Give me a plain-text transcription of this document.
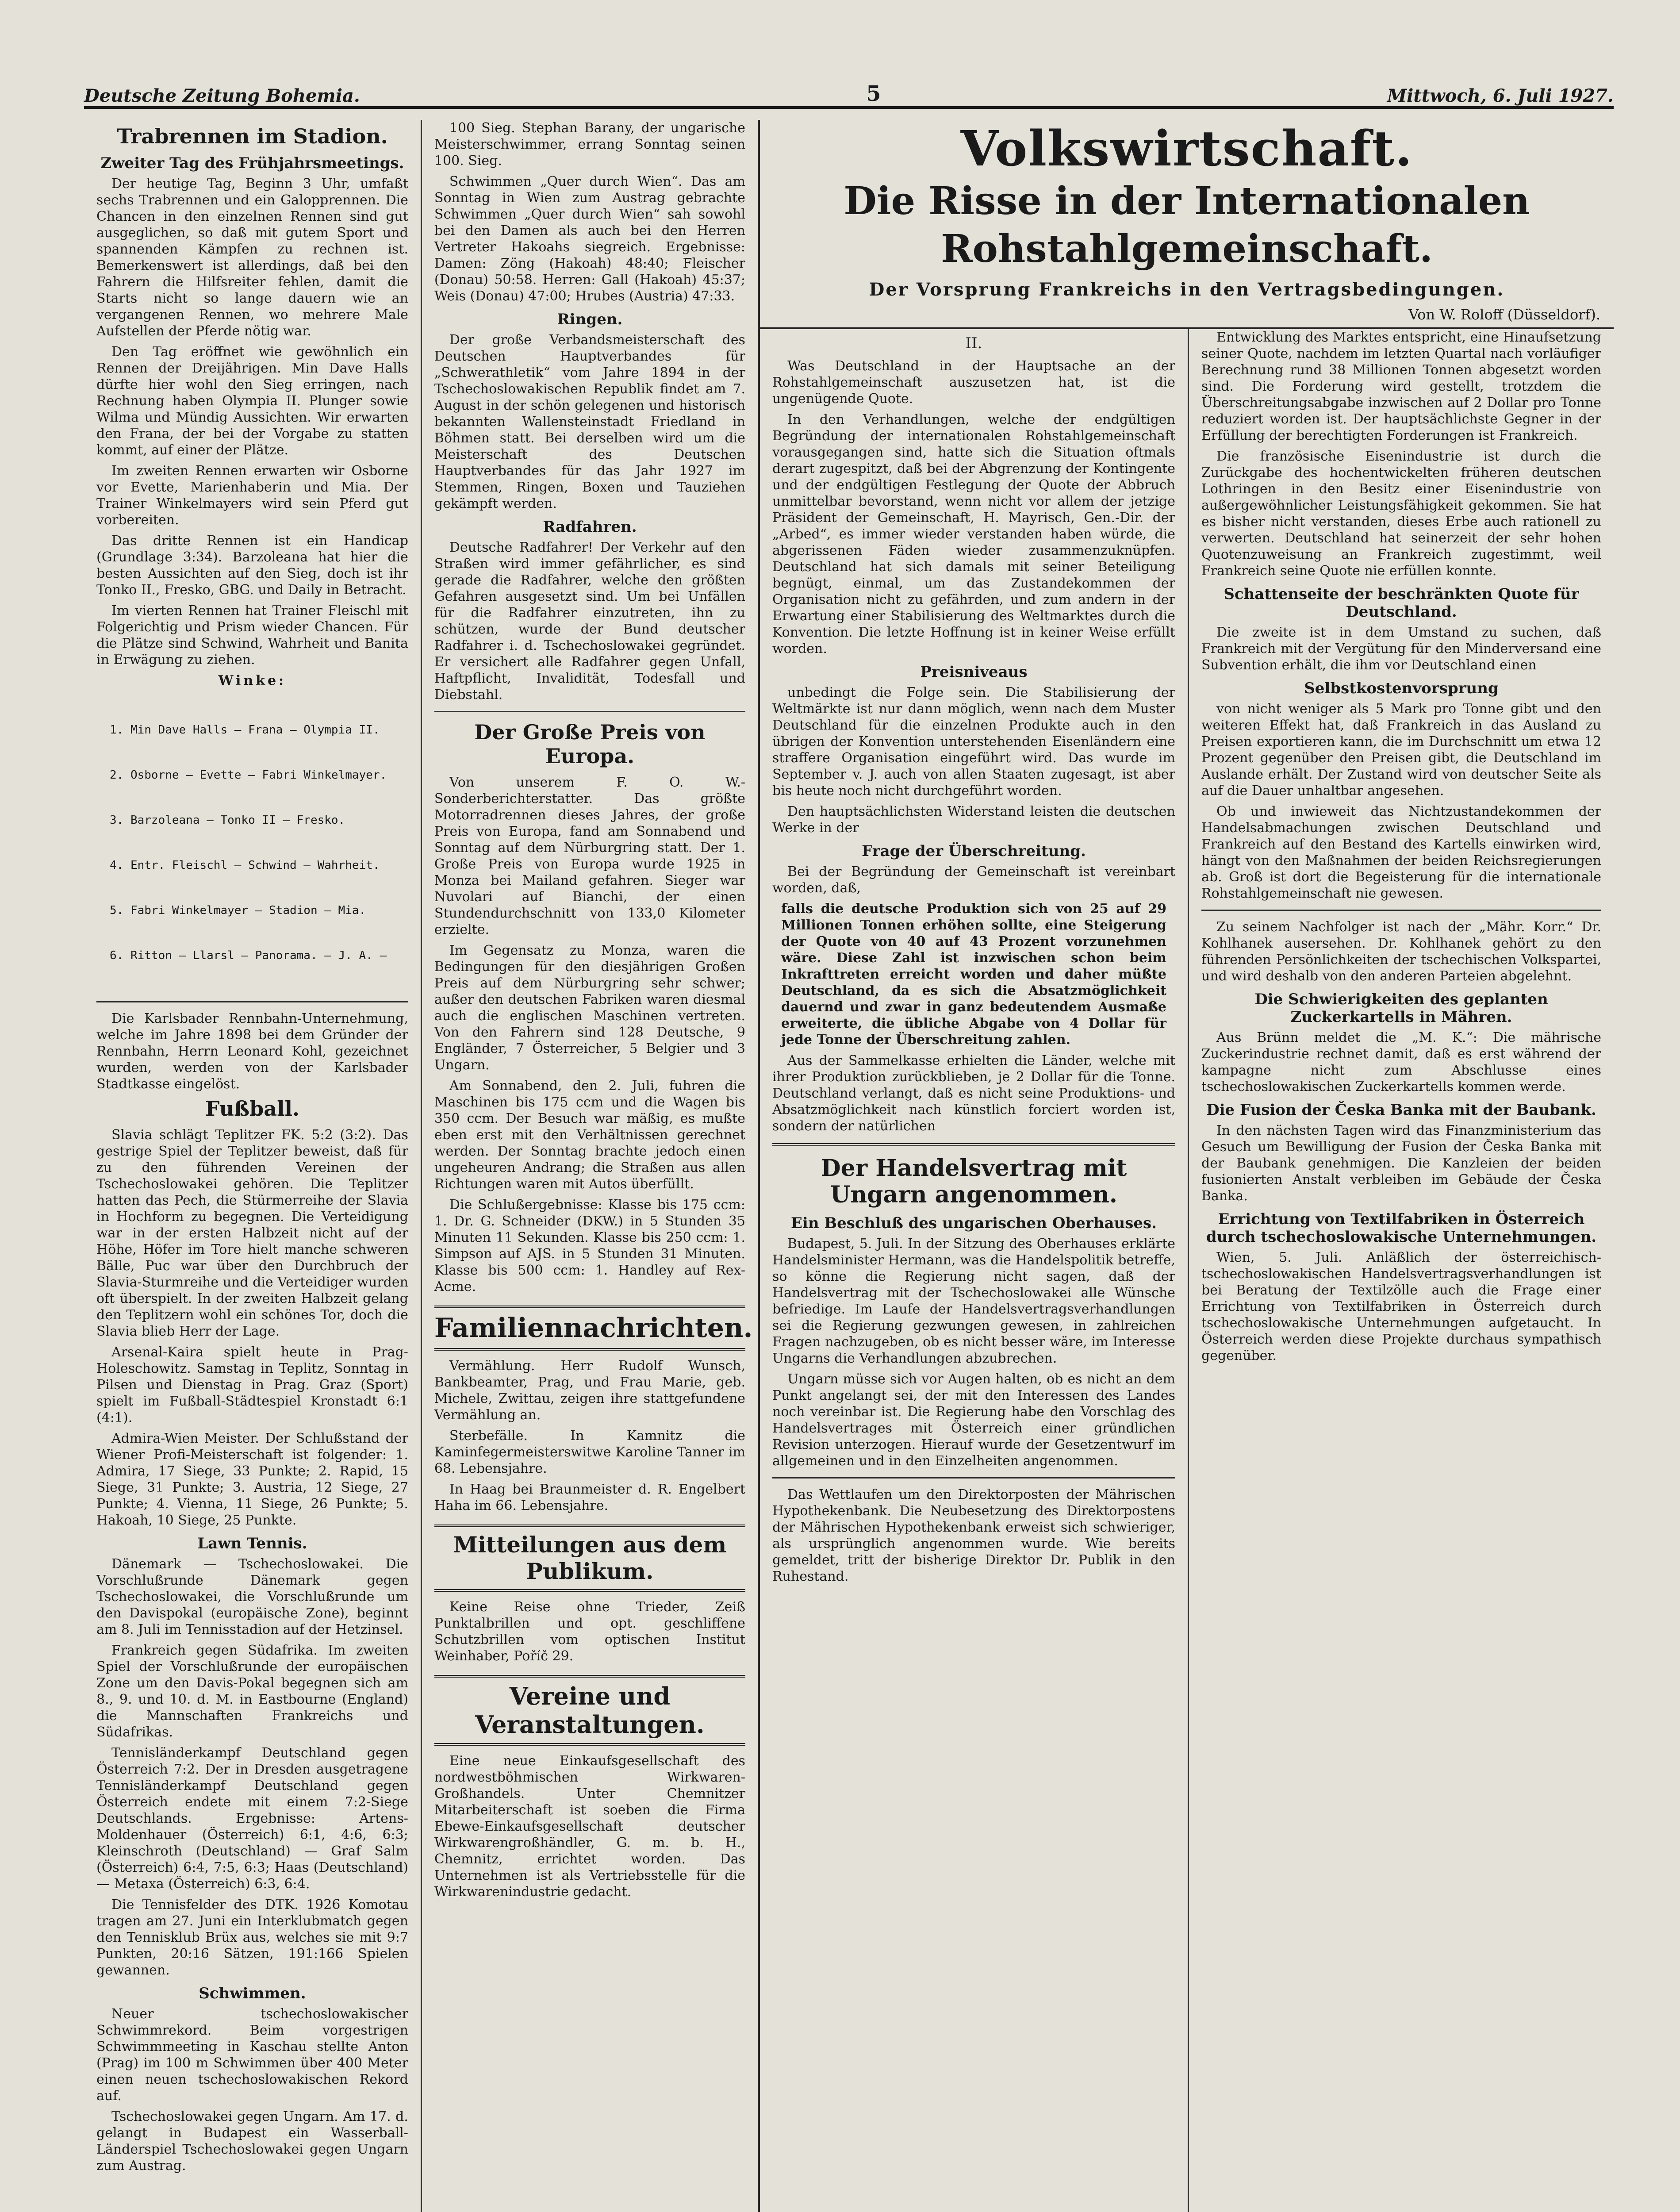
Deutsche Zeitung Bohemia.	5	Mittwoch, 6. Juli 1927.
Trabrennen im Stadion.
Zweiter Tag des Frühjahrsmeetings.

Der heutige Tag, Beginn 3 Uhr, umfaßt sechs Trabrennen und ein Galopprennen. Die Chancen in den einzelnen Rennen sind gut ausgeglichen, so daß mit gutem Sport und spannenden Kämpfen zu rechnen ist. Bemerkenswert ist allerdings, daß bei den Fahrern die Hilfsreiter fehlen, damit die Starts nicht so lange dauern wie an vergangenen Rennen, wo mehrere Male Aufstellen der Pferde nötig war.

Den Tag eröffnet wie gewöhnlich ein Rennen der Dreijährigen. Min Dave Halls dürfte hier wohl den Sieg erringen, nach Rechnung haben Olympia II. Plunger sowie Wilma und Mündig Aussichten. Wir erwarten den Frana, der bei der Vorgabe zu statten kommt, auf einer der Plätze.

Im zweiten Rennen erwarten wir Osborne vor Evette, Marienhaberin und Mia. Der Trainer Winkelmayers wird sein Pferd gut vorbereiten.

Das dritte Rennen ist ein Handicap (Grundlage 3:34). Barzoleana hat hier die besten Aussichten auf den Sieg, doch ist ihr Tonko II., Fresko, GBG. und Daily in Betracht.

Im vierten Rennen hat Trainer Fleischl mit Folgerichtig und Prism wieder Chancen. Für die Plätze sind Schwind, Wahrheit und Banita in Erwägung zu ziehen.

Winke:

1. Min Dave Halls — Frana — Olympia II.

2. Osborne — Evette — Fabri Winkelmayer.

3. Barzoleana — Tonko II — Fresko.

4. Entr. Fleischl — Schwind — Wahrheit.

5. Fabri Winkelmayer — Stadion — Mia.

6. Ritton — Llarsl — Panorama. — J. A. —

Die Karlsbader Rennbahn-Unternehmung, welche im Jahre 1898 bei dem Gründer der Rennbahn, Herrn Leonard Kohl, gezeichnet wurden, werden von der Karlsbader Stadtkasse eingelöst.

Fußball.

Slavia schlägt Teplitzer FK. 5:2 (3:2). Das gestrige Spiel der Teplitzer beweist, daß für zu den führenden Vereinen der Tschechoslowakei gehören. Die Teplitzer hatten das Pech, die Stürmerreihe der Slavia in Hochform zu begegnen. Die Verteidigung war in der ersten Halbzeit nicht auf der Höhe, Höfer im Tore hielt manche schweren Bälle, Puc war über den Durchbruch der Slavia-Sturmreihe und die Verteidiger wurden oft überspielt. In der zweiten Halbzeit gelang den Teplitzern wohl ein schönes Tor, doch die Slavia blieb Herr der Lage.

Arsenal-Kaira spielt heute in Prag-Holeschowitz. Samstag in Teplitz, Sonntag in Pilsen und Dienstag in Prag. Graz (Sport) spielt im Fußball-Städtespiel Kronstadt 6:1 (4:1).

Admira-Wien Meister. Der Schlußstand der Wiener Profi-Meisterschaft ist folgender: 1. Admira, 17 Siege, 33 Punkte; 2. Rapid, 15 Siege, 31 Punkte; 3. Austria, 12 Siege, 27 Punkte; 4. Vienna, 11 Siege, 26 Punkte; 5. Hakoah, 10 Siege, 25 Punkte.

Lawn Tennis.

Dänemark — Tschechoslowakei. Die Vorschlußrunde Dänemark gegen Tschechoslowakei, die Vorschlußrunde um den Davispokal (europäische Zone), beginnt am 8. Juli im Tennisstadion auf der Hetzinsel.

Frankreich gegen Südafrika. Im zweiten Spiel der Vorschlußrunde der europäischen Zone um den Davis-Pokal begegnen sich am 8., 9. und 10. d. M. in Eastbourne (England) die Mannschaften Frankreichs und Südafrikas.

Tennisländerkampf Deutschland gegen Österreich 7:2. Der in Dresden ausgetragene Tennisländerkampf Deutschland gegen Österreich endete mit einem 7:2-Siege Deutschlands. Ergebnisse: Artens-Moldenhauer (Österreich) 6:1, 4:6, 6:3; Kleinschroth (Deutschland) — Graf Salm (Österreich) 6:4, 7:5, 6:3; Haas (Deutschland) — Metaxa (Österreich) 6:3, 6:4.

Die Tennisfelder des DTK. 1926 Komotau tragen am 27. Juni ein Interklubmatch gegen den Tennisklub Brüx aus, welches sie mit 9:7 Punkten, 20:16 Sätzen, 191:166 Spielen gewannen.

Schwimmen.

Neuer tschechoslowakischer Schwimmrekord. Beim vorgestrigen Schwimmmeeting in Kaschau stellte Anton (Prag) im 100 m Schwimmen über 400 Meter einen neuen tschechoslowakischen Rekord auf.

Tschechoslowakei gegen Ungarn. Am 17. d. gelangt in Budapest ein Wasserball-Länderspiel Tschechoslowakei gegen Ungarn zum Austrag.

100 Sieg. Stephan Barany, der ungarische Meisterschwimmer, errang Sonntag seinen 100. Sieg.

Schwimmen „Quer durch Wien“. Das am Sonntag in Wien zum Austrag gebrachte Schwimmen „Quer durch Wien“ sah sowohl bei den Damen als auch bei den Herren Vertreter Hakoahs siegreich. Ergebnisse: Damen: Zöng (Hakoah) 48:40; Fleischer (Donau) 50:58. Herren: Gall (Hakoah) 45:37; Weis (Donau) 47:00; Hrubes (Austria) 47:33.

Ringen.

Der große Verbandsmeisterschaft des Deutschen Hauptverbandes für „Schwerathletik“ vom Jahre 1894 in der Tschechoslowakischen Republik findet am 7. August in der schön gelegenen und historisch bekannten Wallensteinstadt Friedland in Böhmen statt. Bei derselben wird um die Meisterschaft des Deutschen Hauptverbandes für das Jahr 1927 im Stemmen, Ringen, Boxen und Tauziehen gekämpft werden.

Radfahren.

Deutsche Radfahrer! Der Verkehr auf den Straßen wird immer gefährlicher, es sind gerade die Radfahrer, welche den größten Gefahren ausgesetzt sind. Um bei Unfällen für die Radfahrer einzutreten, ihn zu schützen, wurde der Bund deutscher Radfahrer i. d. Tschechoslowakei gegründet. Er versichert alle Radfahrer gegen Unfall, Haftpflicht, Invalidität, Todesfall und Diebstahl.

Der Große Preis von Europa.

Von unserem F. O. W.-Sonderberichterstatter. Das größte Motorradrennen dieses Jahres, der große Preis von Europa, fand am Sonnabend und Sonntag auf dem Nürburgring statt. Der 1. Große Preis von Europa wurde 1925 in Monza bei Mailand gefahren. Sieger war Nuvolari auf Bianchi, der einen Stundendurchschnitt von 133,0 Kilometer erzielte.

Im Gegensatz zu Monza, waren die Bedingungen für den diesjährigen Großen Preis auf dem Nürburgring sehr schwer; außer den deutschen Fabriken waren diesmal auch die englischen Maschinen vertreten. Von den Fahrern sind 128 Deutsche, 9 Engländer, 7 Österreicher, 5 Belgier und 3 Ungarn.

Am Sonnabend, den 2. Juli, fuhren die Maschinen bis 175 ccm und die Wagen bis 350 ccm. Der Besuch war mäßig, es mußte eben erst mit den Verhältnissen gerechnet werden. Der Sonntag brachte jedoch einen ungeheuren Andrang; die Straßen aus allen Richtungen waren mit Autos überfüllt.

Die Schlußergebnisse: Klasse bis 175 ccm: 1. Dr. G. Schneider (DKW.) in 5 Stunden 35 Minuten 11 Sekunden. Klasse bis 250 ccm: 1. Simpson auf AJS. in 5 Stunden 31 Minuten. Klasse bis 500 ccm: 1. Handley auf Rex-Acme.

Familiennachrichten.

Vermählung. Herr Rudolf Wunsch, Bankbeamter, Prag, und Frau Marie, geb. Michele, Zwittau, zeigen ihre stattgefundene Vermählung an.

Sterbefälle. In Kamnitz die Kaminfegermeisterswitwe Karoline Tanner im 68. Lebensjahre.

In Haag bei Braunmeister d. R. Engelbert Haha im 66. Lebensjahre.

Mitteilungen aus dem Publikum.

Keine Reise ohne Trieder, Zeiß Punktalbrillen und opt. geschliffene Schutzbrillen vom optischen Institut Weinhaber, Poříč 29.

Vereine und Veranstaltungen.

Eine neue Einkaufsgesellschaft des nordwestböhmischen Wirkwaren-Großhandels. Unter Chemnitzer Mitarbeiterschaft ist soeben die Firma Ebewe-Einkaufsgesellschaft deutscher Wirkwarengroßhändler, G. m. b. H., Chemnitz, errichtet worden. Das Unternehmen ist als Vertriebsstelle für die Wirkwarenindustrie gedacht.

Volkswirtschaft.
Die Risse in der Internationalen Rohstahlgemeinschaft.
Der Vorsprung Frankreichs in den Vertragsbedingungen.
Von W. Roloff (Düsseldorf).
II.

Was Deutschland in der Hauptsache an der Rohstahlgemeinschaft auszusetzen hat, ist die ungenügende Quote.

In den Verhandlungen, welche der endgültigen Begründung der internationalen Rohstahlgemeinschaft vorausgegangen sind, hatte sich die Situation oftmals derart zugespitzt, daß bei der Abgrenzung der Kontingente und der endgültigen Festlegung der Quote der Abbruch unmittelbar bevorstand, wenn nicht vor allem der jetzige Präsident der Gemeinschaft, H. Mayrisch, Gen.-Dir. der „Arbed“, es immer wieder verstanden haben würde, die abgerissenen Fäden wieder zusammenzuknüpfen. Deutschland hat sich damals mit seiner Beteiligung begnügt, einmal, um das Zustandekommen der Organisation nicht zu gefährden, und zum andern in der Erwartung einer Stabilisierung des Weltmarktes durch die Konvention. Die letzte Hoffnung ist in keiner Weise erfüllt worden.

Preisniveaus

unbedingt die Folge sein. Die Stabilisierung der Weltmärkte ist nur dann möglich, wenn nach dem Muster Deutschland für die einzelnen Produkte auch in den übrigen der Konvention unterstehenden Eisenländern eine straffere Organisation eingeführt wird. Das wurde im September v. J. auch von allen Staaten zugesagt, ist aber bis heute noch nicht durchgeführt worden.

Den hauptsächlichsten Widerstand leisten die deutschen Werke in der

Frage der Überschreitung.

Bei der Begründung der Gemeinschaft ist vereinbart worden, daß,

falls die deutsche Produktion sich von 25 auf 29 Millionen Tonnen erhöhen sollte, eine Steigerung der Quote von 40 auf 43 Prozent vorzunehmen wäre. Diese Zahl ist inzwischen schon beim Inkrafttreten erreicht worden und daher müßte Deutschland, da es sich die Absatzmöglichkeit dauernd und zwar in ganz bedeutendem Ausmaße erweiterte, die übliche Abgabe von 4 Dollar für jede Tonne der Überschreitung zahlen.

Aus der Sammelkasse erhielten die Länder, welche mit ihrer Produktion zurückblieben, je 2 Dollar für die Tonne. Deutschland verlangt, daß es nicht seine Produktions- und Absatzmöglichkeit nach künstlich forciert worden ist, sondern der natürlichen

Der Handelsvertrag mit Ungarn angenommen.
Ein Beschluß des ungarischen Oberhauses.

Budapest, 5. Juli. In der Sitzung des Oberhauses erklärte Handelsminister Hermann, was die Handelspolitik betreffe, so könne die Regierung nicht sagen, daß der Handelsvertrag mit der Tschechoslowakei alle Wünsche befriedige. Im Laufe der Handelsvertragsverhandlungen sei die Regierung gezwungen gewesen, in zahlreichen Fragen nachzugeben, ob es nicht besser wäre, im Interesse Ungarns die Verhandlungen abzubrechen.

Ungarn müsse sich vor Augen halten, ob es nicht an dem Punkt angelangt sei, der mit den Interessen des Landes noch vereinbar ist. Die Regierung habe den Vorschlag des Handelsvertrages mit Österreich einer gründlichen Revision unterzogen. Hierauf wurde der Gesetzentwurf im allgemeinen und in den Einzelheiten angenommen.

Das Wettlaufen um den Direktorposten der Mährischen Hypothekenbank. Die Neubesetzung des Direktorpostens der Mährischen Hypothekenbank erweist sich schwieriger, als ursprünglich angenommen wurde. Wie bereits gemeldet, tritt der bisherige Direktor Dr. Publik in den Ruhestand.

Entwicklung des Marktes entspricht, eine Hinaufsetzung seiner Quote, nachdem im letzten Quartal nach vorläufiger Berechnung rund 38 Millionen Tonnen abgesetzt worden sind. Die Forderung wird gestellt, trotzdem die Überschreitungsabgabe inzwischen auf 2 Dollar pro Tonne reduziert worden ist. Der hauptsächlichste Gegner in der Erfüllung der berechtigten Forderungen ist Frankreich.

Die französische Eisenindustrie ist durch die Zurückgabe des hochentwickelten früheren deutschen Lothringen in den Besitz einer Eisenindustrie von außergewöhnlicher Leistungsfähigkeit gekommen. Sie hat es bisher nicht verstanden, dieses Erbe auch rationell zu verwerten. Deutschland hat seinerzeit der sehr hohen Quotenzuweisung an Frankreich zugestimmt, weil Frankreich seine Quote nie erfüllen konnte.

Schattenseite der beschränkten Quote für Deutschland.

Die zweite ist in dem Umstand zu suchen, daß Frankreich mit der Vergütung für den Minderversand eine Subvention erhält, die ihm vor Deutschland einen

Selbstkostenvorsprung

von nicht weniger als 5 Mark pro Tonne gibt und den weiteren Effekt hat, daß Frankreich in das Ausland zu Preisen exportieren kann, die im Durchschnitt um etwa 12 Prozent gegenüber den Preisen gibt, die Deutschland im Auslande erhält. Der Zustand wird von deutscher Seite als auf die Dauer unhaltbar angesehen.

Ob und inwieweit das Nichtzustandekommen der Handelsabmachungen zwischen Deutschland und Frankreich auf den Bestand des Kartells einwirken wird, hängt von den Maßnahmen der beiden Reichsregierungen ab. Groß ist dort die Begeisterung für die internationale Rohstahlgemeinschaft nie gewesen.

Zu seinem Nachfolger ist nach der „Mähr. Korr.“ Dr. Kohlhanek ausersehen. Dr. Kohlhanek gehört zu den führenden Persönlichkeiten der tschechischen Volkspartei, und wird deshalb von den anderen Parteien abgelehnt.

Die Schwierigkeiten des geplanten Zuckerkartells in Mähren.

Aus Brünn meldet die „M. K.“: Die mährische Zuckerindustrie rechnet damit, daß es erst während der kampagne nicht zum Abschlusse eines tschechoslowakischen Zuckerkartells kommen werde.

Die Fusion der Česka Banka mit der Baubank.

In den nächsten Tagen wird das Finanzministerium das Gesuch um Bewilligung der Fusion der Česka Banka mit der Baubank genehmigen. Die Kanzleien der beiden fusionierten Anstalt verbleiben im Gebäude der Česka Banka.

Errichtung von Textilfabriken in Österreich durch tschechoslowakische Unternehmungen.

Wien, 5. Juli. Anläßlich der österreichisch-tschechoslowakischen Handelsvertragsverhandlungen ist bei Beratung der Textilzölle auch die Frage einer Errichtung von Textilfabriken in Österreich durch tschechoslowakische Unternehmungen aufgetaucht. In Österreich werden diese Projekte durchaus sympathisch gegenüber.
